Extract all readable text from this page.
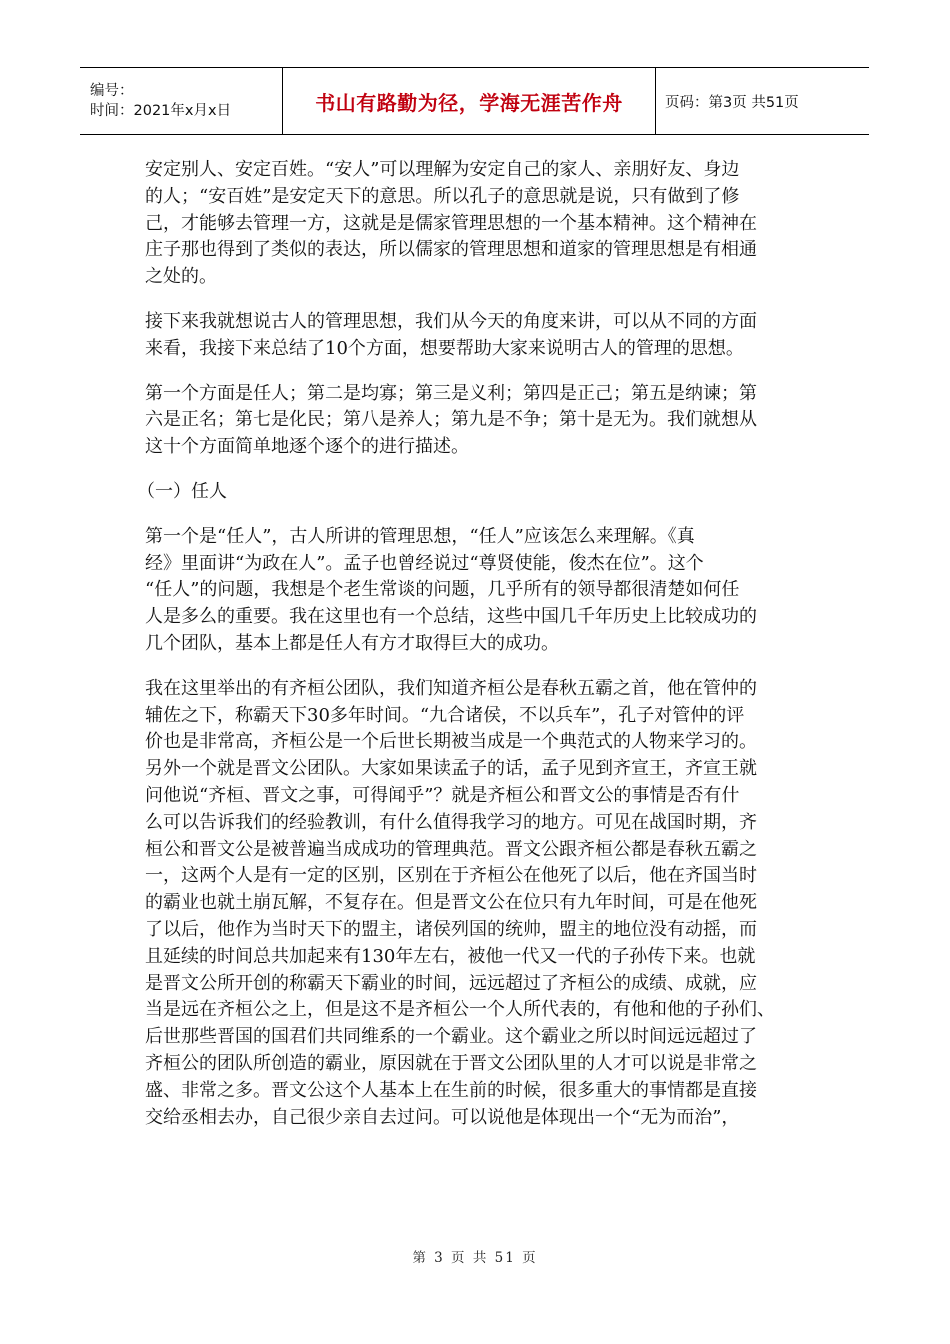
编号：
时间：2021年x月x日	书山有路勤为径，学海无涯苦作舟	页码：第3页 共51页
安定别人、安定百姓。“安人”可以理解为安定自己的家人、亲朋好友、身边
的人；“安百姓”是安定天下的意思。所以孔子的意思就是说，只有做到了修
己，才能够去管理一方，这就是是儒家管理思想的一个基本精神。这个精神在
庄子那也得到了类似的表达，所以儒家的管理思想和道家的管理思想是有相通
之处的。
接下来我就想说古人的管理思想，我们从今天的角度来讲，可以从不同的方面
来看，我接下来总结了10个方面，想要帮助大家来说明古人的管理的思想。
第一个方面是任人；第二是均寡；第三是义利；第四是正己；第五是纳谏；第
六是正名；第七是化民；第八是养人；第九是不争；第十是无为。我们就想从
这十个方面简单地逐个逐个的进行描述。
（一）任人
第一个是“任人”，古人所讲的管理思想，“任人”应该怎么来理解。《真
经》里面讲“为政在人”。孟子也曾经说过“尊贤使能，俊杰在位”。这个
“任人”的问题，我想是个老生常谈的问题，几乎所有的领导都很清楚如何任
人是多么的重要。我在这里也有一个总结，这些中国几千年历史上比较成功的
几个团队，基本上都是任人有方才取得巨大的成功。
我在这里举出的有齐桓公团队，我们知道齐桓公是春秋五霸之首，他在管仲的
辅佐之下，称霸天下30多年时间。“九合诸侯，不以兵车”，孔子对管仲的评
价也是非常高，齐桓公是一个后世长期被当成是一个典范式的人物来学习的。
另外一个就是晋文公团队。大家如果读孟子的话，孟子见到齐宣王，齐宣王就
问他说“齐桓、晋文之事，可得闻乎”？就是齐桓公和晋文公的事情是否有什
么可以告诉我们的经验教训，有什么值得我学习的地方。可见在战国时期，齐
桓公和晋文公是被普遍当成成功的管理典范。晋文公跟齐桓公都是春秋五霸之
一，这两个人是有一定的区别，区别在于齐桓公在他死了以后，他在齐国当时
的霸业也就土崩瓦解，不复存在。但是晋文公在位只有九年时间，可是在他死
了以后，他作为当时天下的盟主，诸侯列国的统帅，盟主的地位没有动摇，而
且延续的时间总共加起来有130年左右，被他一代又一代的子孙传下来。也就
是晋文公所开创的称霸天下霸业的时间，远远超过了齐桓公的成绩、成就，应
当是远在齐桓公之上，但是这不是齐桓公一个人所代表的，有他和他的子孙们、
后世那些晋国的国君们共同维系的一个霸业。这个霸业之所以时间远远超过了
齐桓公的团队所创造的霸业，原因就在于晋文公团队里的人才可以说是非常之
盛、非常之多。晋文公这个人基本上在生前的时候，很多重大的事情都是直接
交给丞相去办，自己很少亲自去过问。可以说他是体现出一个“无为而治”，
第 3 页 共 51 页
